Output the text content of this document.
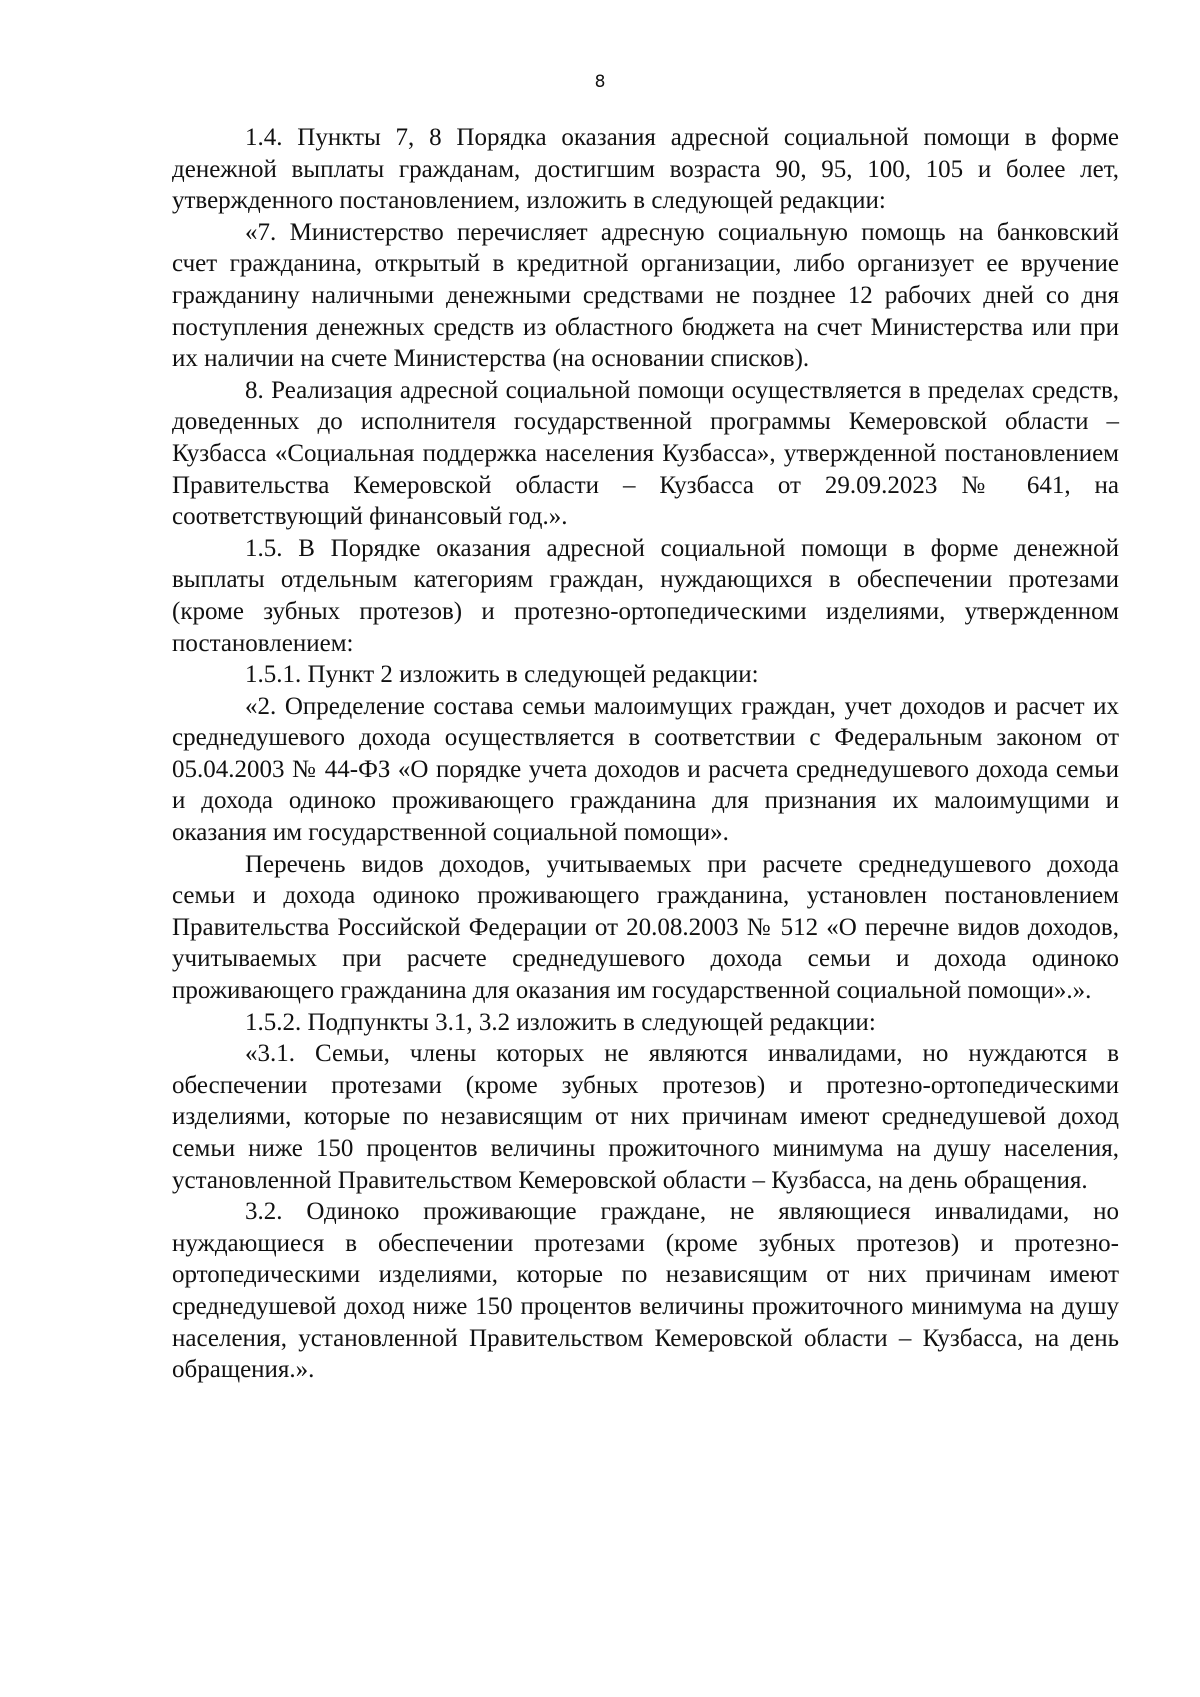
8

1.4. Пункты 7, 8 Порядка оказания адресной социальной помощи в форме денежной выплаты гражданам, достигшим возраста 90, 95, 100, 105 и более лет, утвержденного постановлением, изложить в следующей редакции:

«7. Министерство перечисляет адресную социальную помощь на банковский счет гражданина, открытый в кредитной организации, либо организует ее вручение гражданину наличными денежными средствами не позднее 12 рабочих дней со дня поступления денежных средств из областного бюджета на счет Министерства или при их наличии на счете Министерства (на основании списков).

8. Реализация адресной социальной помощи осуществляется в пределах средств, доведенных до исполнителя государственной программы Кемеровской области – Кузбасса «Социальная поддержка населения Кузбасса», утвержденной постановлением Правительства Кемеровской области – Кузбасса от 29.09.2023 № 641, на соответствующий финансовый год.».

1.5. В Порядке оказания адресной социальной помощи в форме денежной выплаты отдельным категориям граждан, нуждающихся в обеспечении протезами (кроме зубных протезов) и протезно-ортопедическими изделиями, утвержденном постановлением:

1.5.1. Пункт 2 изложить в следующей редакции:

«2. Определение состава семьи малоимущих граждан, учет доходов и расчет их среднедушевого дохода осуществляется в соответствии с Федеральным законом от 05.04.2003 № 44-ФЗ «О порядке учета доходов и расчета среднедушевого дохода семьи и дохода одиноко проживающего гражданина для признания их малоимущими и оказания им государственной социальной помощи».

Перечень видов доходов, учитываемых при расчете среднедушевого дохода семьи и дохода одиноко проживающего гражданина, установлен постановлением Правительства Российской Федерации от 20.08.2003 № 512 «О перечне видов доходов, учитываемых при расчете среднедушевого дохода семьи и дохода одиноко проживающего гражданина для оказания им государственной социальной помощи».».

1.5.2. Подпункты 3.1, 3.2 изложить в следующей редакции:

«3.1. Семьи, члены которых не являются инвалидами, но нуждаются в обеспечении протезами (кроме зубных протезов) и протезно-ортопедическими изделиями, которые по независящим от них причинам имеют среднедушевой доход семьи ниже 150 процентов величины прожиточного минимума на душу населения, установленной Правительством Кемеровской области – Кузбасса, на день обращения.

3.2. Одиноко проживающие граждане, не являющиеся инвалидами, но нуждающиеся в обеспечении протезами (кроме зубных протезов) и протезно-ортопедическими изделиями, которые по независящим от них причинам имеют среднедушевой доход ниже 150 процентов величины прожиточного минимума на душу населения, установленной Правительством Кемеровской области – Кузбасса, на день обращения.».
